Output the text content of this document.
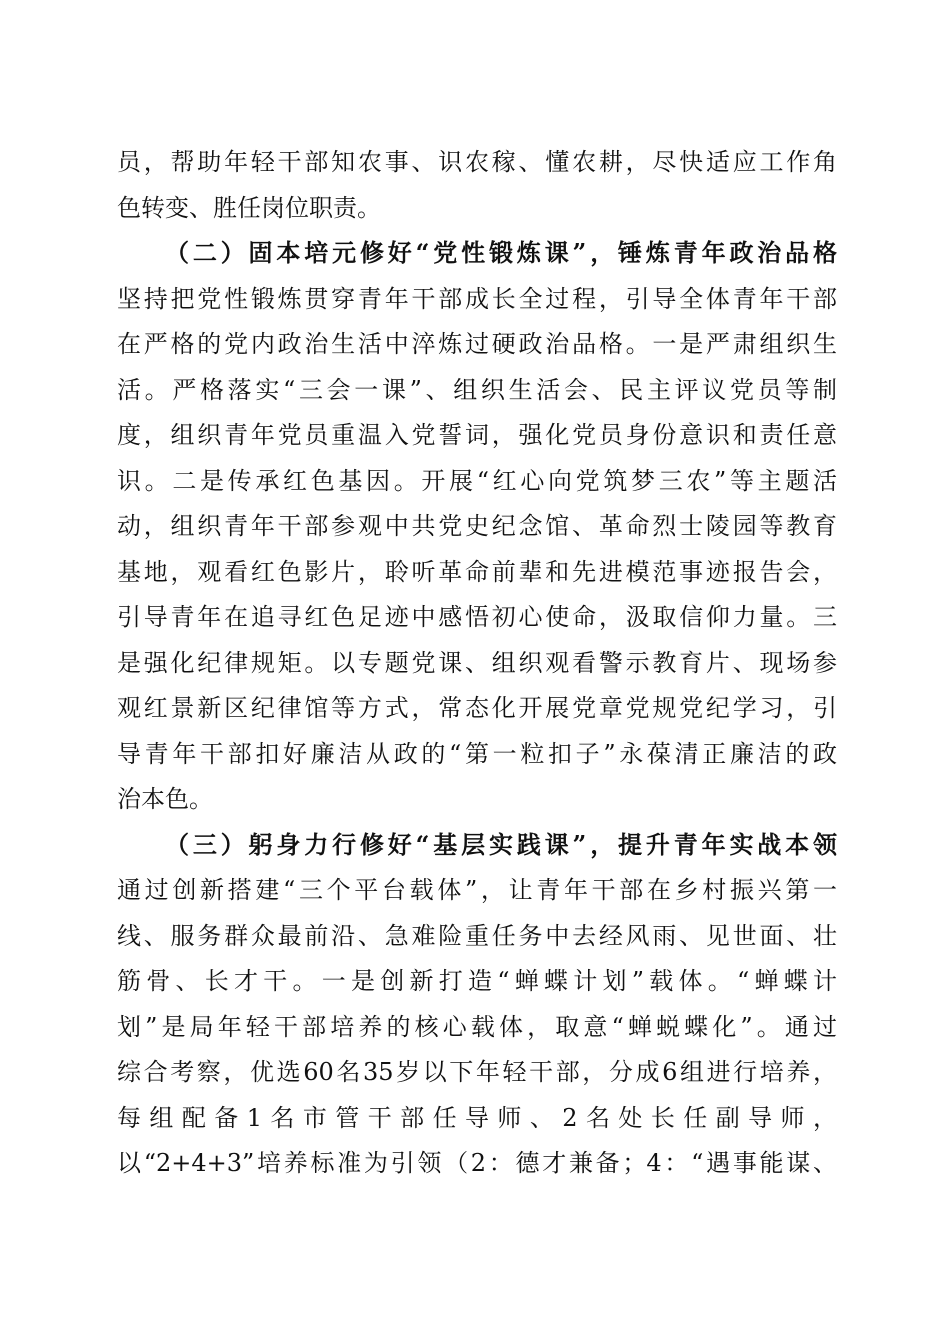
员，帮助年轻干部知农事、识农稼、懂农耕，尽快适应工作角
色转变、胜任岗位职责。
（二）固本培元修好“党性锻炼课”，锤炼青年政治品格
坚持把党性锻炼贯穿青年干部成长全过程，引导全体青年干部
在严格的党内政治生活中淬炼过硬政治品格。一是严肃组织生
活。严格落实“三会一课”、组织生活会、民主评议党员等制
度，组织青年党员重温入党誓词，强化党员身份意识和责任意
识。二是传承红色基因。开展“红心向党筑梦三农”等主题活
动，组织青年干部参观中共党史纪念馆、革命烈士陵园等教育
基地，观看红色影片，聆听革命前辈和先进模范事迹报告会，
引导青年在追寻红色足迹中感悟初心使命，汲取信仰力量。三
是强化纪律规矩。以专题党课、组织观看警示教育片、现场参
观红景新区纪律馆等方式，常态化开展党章党规党纪学习，引
导青年干部扣好廉洁从政的“第一粒扣子”永葆清正廉洁的政
治本色。
（三）躬身力行修好“基层实践课”，提升青年实战本领
通过创新搭建“三个平台载体”，让青年干部在乡村振兴第一
线、服务群众最前沿、急难险重任务中去经风雨、见世面、壮
筋骨、长才干。一是创新打造“蝉蝶计划”载体。“蝉蝶计
划”是局年轻干部培养的核心载体，取意“蝉蜕蝶化”。通过
综合考察，优选60名35岁以下年轻干部，分成6组进行培养，
每组配备1名市管干部任导师、2名处长任副导师，
以“2+4+3”培养标准为引领（2：德才兼备；4：“遇事能谋、
